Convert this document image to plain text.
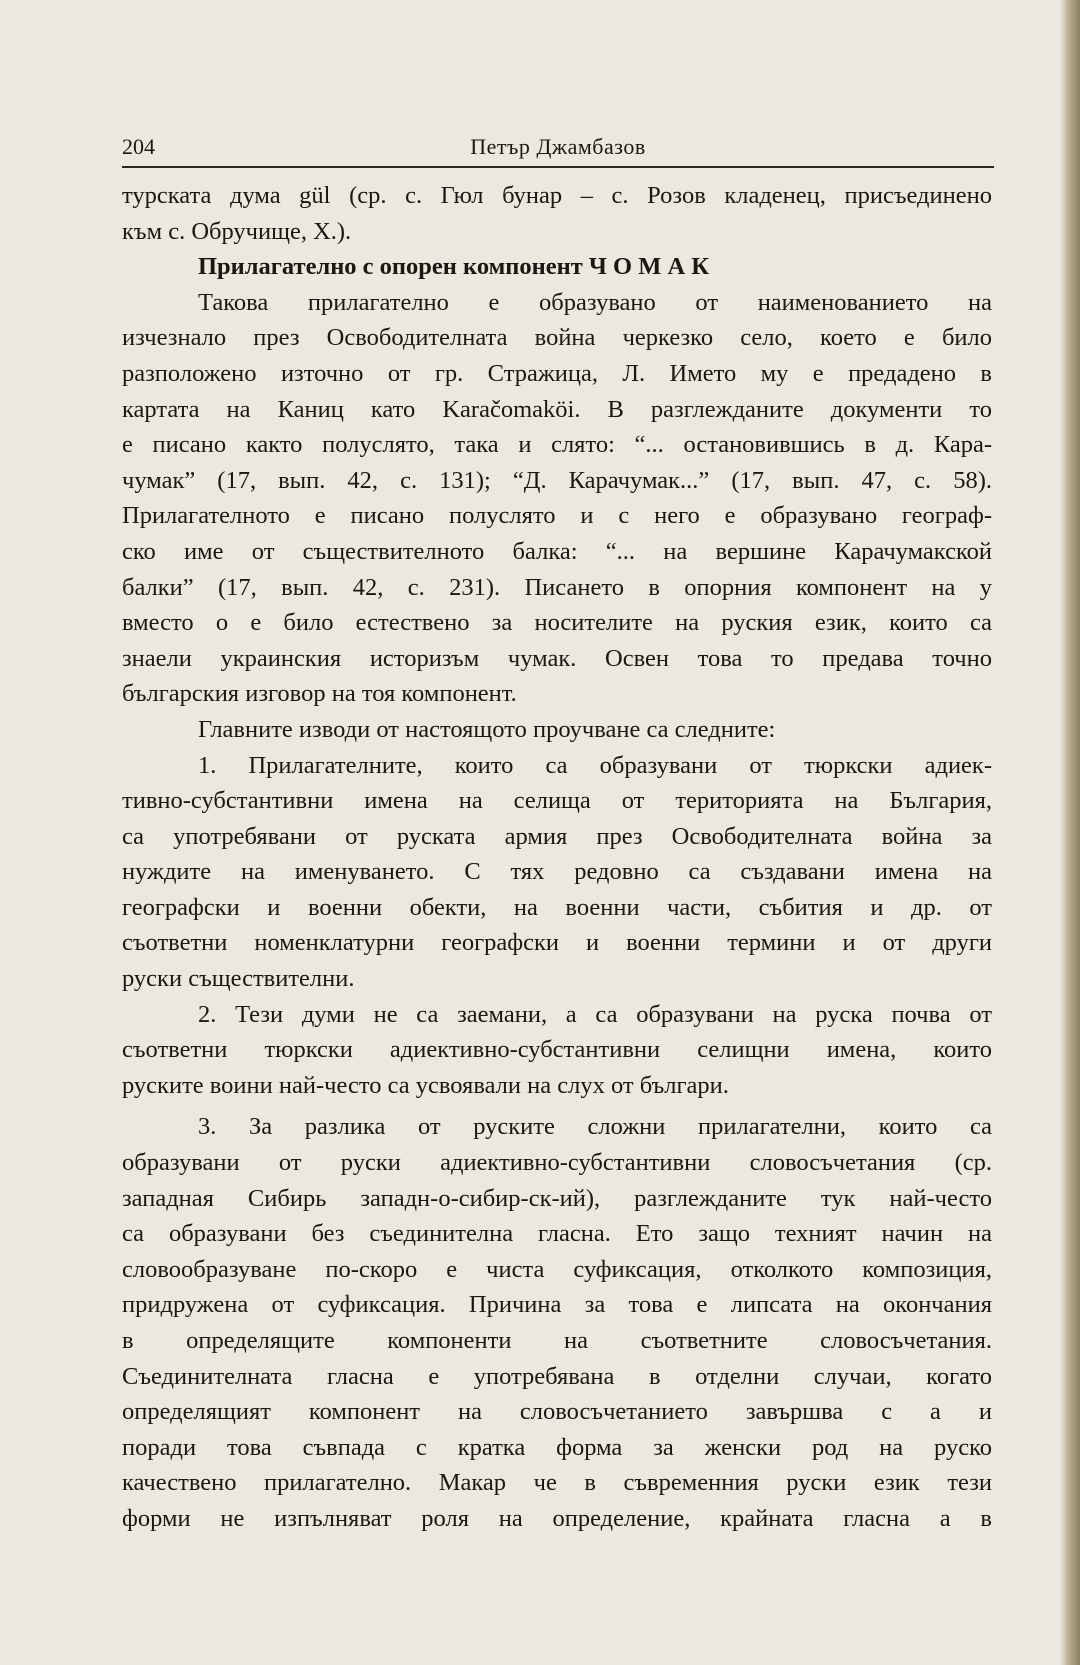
204	Петър Джамбазов

турската дума gül (ср. с. Гюл бунар – с. Розов кладенец, присъединено

към с. Обручище, Х.).

Прилагателно с опорен компонент Ч О М А К

Такова прилагателно е образувано от наименованието на

изчезнало през Освободителната война черкезко село, което е било

разположено източно от гр. Стражица, Л. Името му е предадено в

картата на Каниц като Karačomaköi. В разглежданите документи то

е писано както полуслято, така и слято: “... остановившись в д. Кара-

чумак” (17, вып. 42, с. 131); “Д. Карачумак...” (17, вып. 47, с. 58).

Прилагателното е писано полуслято и с него е образувано географ-

ско име от съществителното балка: “... на вершине Карачумакской

балки” (17, вып. 42, с. 231). Писането в опорния компонент на у

вместо о е било естествено за носителите на руския език, които са

знаели украинския историзъм чумак. Освен това то предава точно

българския изговор на тоя компонент.

Главните изводи от настоящото проучване са следните:

1. Прилагателните, които са образувани от тюркски адиек-

тивно-субстантивни имена на селища от територията на България,

са употребявани от руската армия през Освободителната война за

нуждите на именуването. С тях редовно са създавани имена на

географски и военни обекти, на военни части, събития и др. от

съответни номенклатурни географски и военни термини и от други

руски съществителни.

2. Тези думи не са заемани, а са образувани на руска почва от

съответни тюркски адиективно-субстантивни селищни имена, които

руските воини най-често са усвоявали на слух от българи.

3. За разлика от руските сложни прилагателни, които са

образувани от руски адиективно-субстантивни словосъчетания (ср.

западная Сибирь западн-о-сибир-ск-ий), разглежданите тук най-често

са образувани без съединителна гласна. Ето защо техният начин на

словообразуване по-скоро е чиста суфиксация, отколкото композиция,

придружена от суфиксация. Причина за това е липсата на окончания

в определящите компоненти на съответните словосъчетания.

Съединителната гласна е употребявана в отделни случаи, когато

определящият компонент на словосъчетанието завършва с а и

поради това съвпада с кратка форма за женски род на руско

качествено прилагателно. Макар че в съвременния руски език тези

форми не изпълняват роля на определение, крайната гласна а в
